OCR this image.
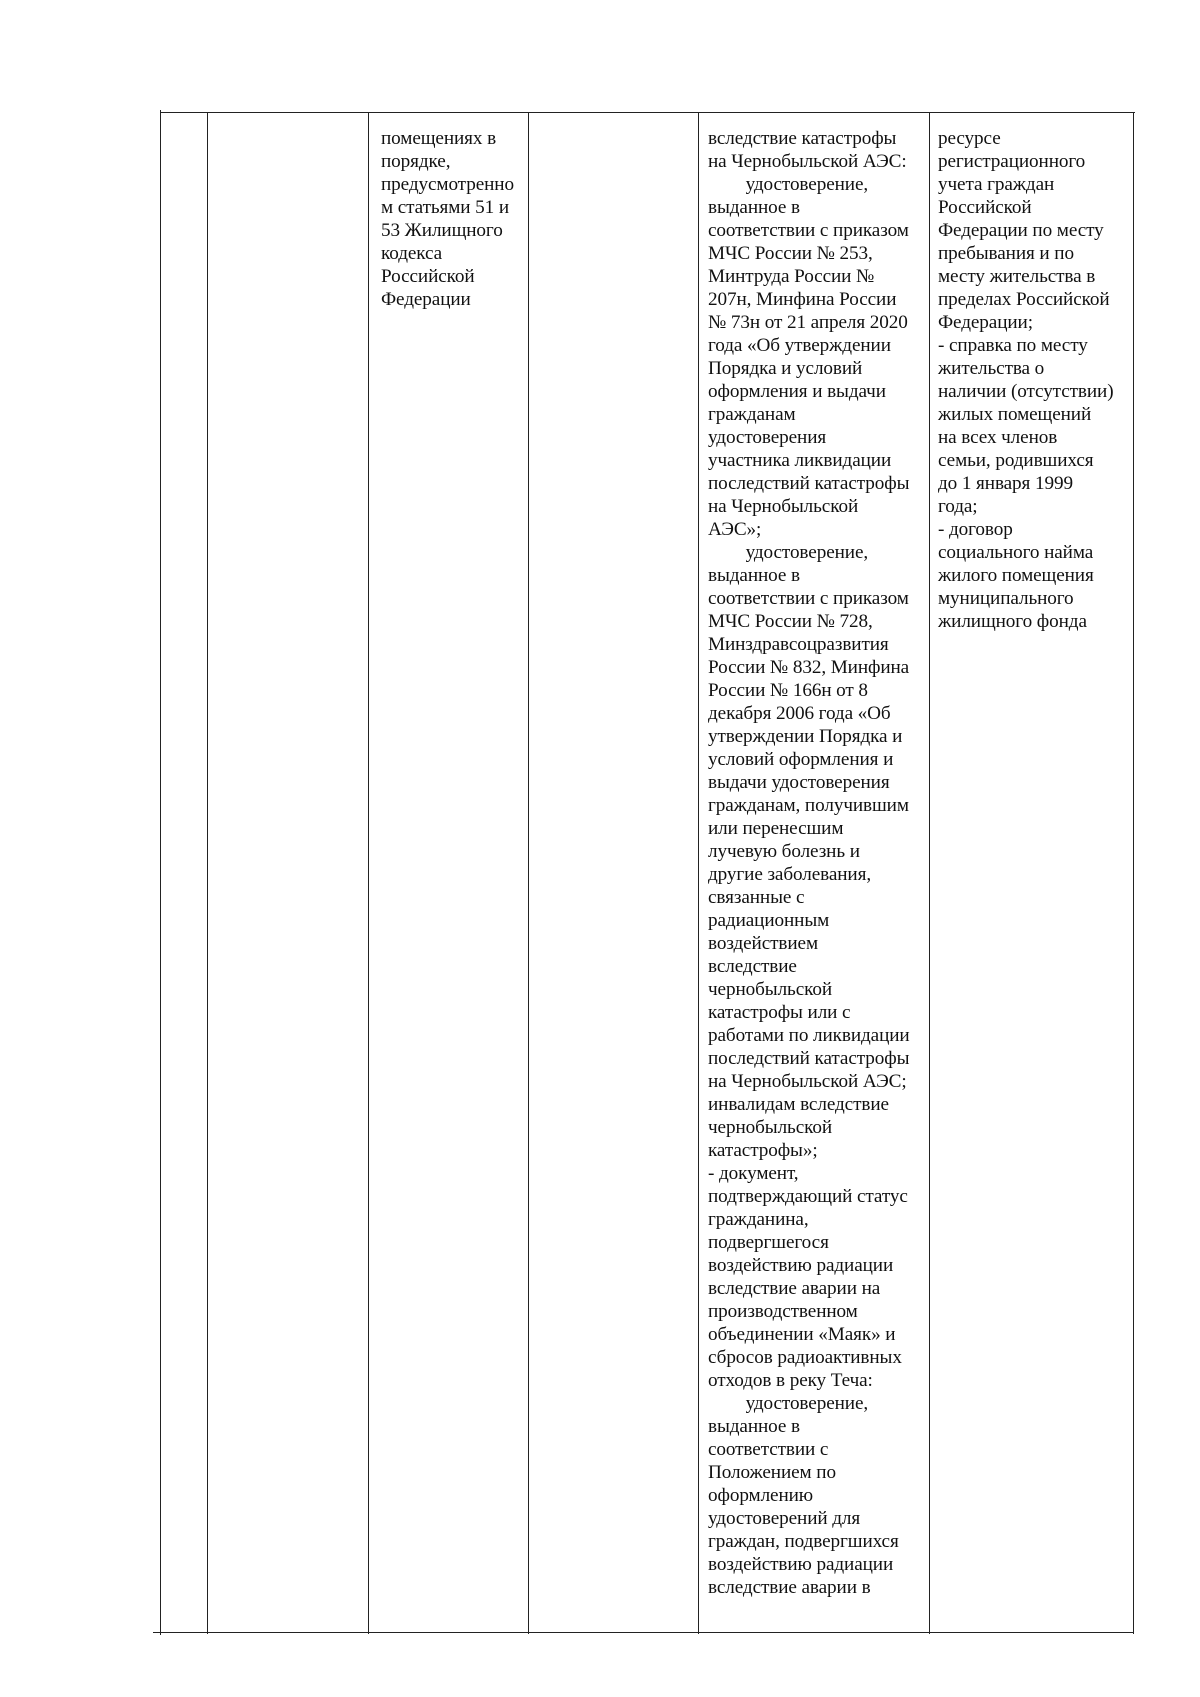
помещениях в
порядке,
предусмотренно
м статьями 51 и
53 Жилищного
кодекса
Российской
Федерации
вследствие катастрофы
на Чернобыльской АЭС:
удостоверение,
выданное в
соответствии с приказом
МЧС России № 253,
Минтруда России №
207н, Минфина России
№ 73н от 21 апреля 2020
года «Об утверждении
Порядка и условий
оформления и выдачи
гражданам
удостоверения
участника ликвидации
последствий катастрофы
на Чернобыльской
АЭС»;
удостоверение,
выданное в
соответствии с приказом
МЧС России № 728,
Минздравсоцразвития
России № 832, Минфина
России № 166н от 8
декабря 2006 года «Об
утверждении Порядка и
условий оформления и
выдачи удостоверения
гражданам, получившим
или перенесшим
лучевую болезнь и
другие заболевания,
связанные с
радиационным
воздействием
вследствие
чернобыльской
катастрофы или с
работами по ликвидации
последствий катастрофы
на Чернобыльской АЭС;
инвалидам вследствие
чернобыльской
катастрофы»;
- документ,
подтверждающий статус
гражданина,
подвергшегося
воздействию радиации
вследствие аварии на
производственном
объединении «Маяк» и
сбросов радиоактивных
отходов в реку Теча:
удостоверение,
выданное в
соответствии с
Положением по
оформлению
удостоверений для
граждан, подвергшихся
воздействию радиации
вследствие аварии в
ресурсе
регистрационного
учета граждан
Российской
Федерации по месту
пребывания и по
месту жительства в
пределах Российской
Федерации;
- справка по месту
жительства о
наличии (отсутствии)
жилых помещений
на всех членов
семьи, родившихся
до 1 января 1999
года;
- договор
социального найма
жилого помещения
муниципального
жилищного фонда
